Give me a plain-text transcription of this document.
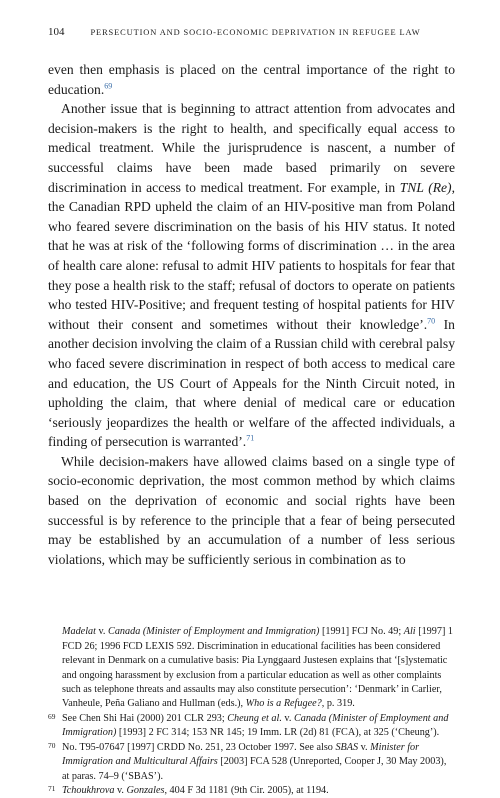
104	PERSECUTION AND SOCIO-ECONOMIC DEPRIVATION IN REFUGEE LAW

even then emphasis is placed on the central importance of the right to education.$^{69}$

Another issue that is beginning to attract attention from advocates and decision-makers is the right to health, and specifically equal access to medical treatment. While the jurisprudence is nascent, a number of successful claims have been made based primarily on severe discrimination in access to medical treatment. For example, in TNL (Re), the Canadian RPD upheld the claim of an HIV-positive man from Poland who feared severe discrimination on the basis of his HIV status. It noted that he was at risk of the ‘following forms of discrimination … in the area of health care alone: refusal to admit HIV patients to hospitals for fear that they pose a health risk to the staff; refusal of doctors to operate on patients who tested HIV-Positive; and frequent testing of hospital patients for HIV without their consent and sometimes without their knowledge’.$^{70}$ In another decision involving the claim of a Russian child with cerebral palsy who faced severe discrimination in respect of both access to medical care and education, the US Court of Appeals for the Ninth Circuit noted, in upholding the claim, that where denial of medical care or education ‘seriously jeopardizes the health or welfare of the affected individuals, a finding of persecution is warranted’.$^{71}$

While decision-makers have allowed claims based on a single type of socio-economic deprivation, the most common method by which claims based on the deprivation of economic and social rights have been successful is by reference to the principle that a fear of being persecuted may be established by an accumulation of a number of less serious violations, which may be sufficiently serious in combination as to

Madelat v. Canada (Minister of Employment and Immigration) [1991] FCJ No. 49; Ali [1997] 1 FCD 26; 1996 FCD LEXIS 592. Discrimination in educational facilities has been considered relevant in Denmark on a cumulative basis: Pia Lynggaard Justesen explains that ‘[s]ystematic and ongoing harassment by exclusion from a particular education as well as other complaints such as telephone threats and assaults may also constitute persecution’: ‘Denmark’ in Carlier, Vanheule, Peña Galiano and Hullman (eds.), Who is a Refugee?, p. 319.

69 See Chen Shi Hai (2000) 201 CLR 293; Cheung et al. v. Canada (Minister of Employment and Immigration) [1993] 2 FC 314; 153 NR 145; 19 Imm. LR (2d) 81 (FCA), at 325 (‘Cheung’).
70 No. T95-07647 [1997] CRDD No. 251, 23 October 1997. See also SBAS v. Minister for Immigration and Multicultural Affairs [2003] FCA 528 (Unreported, Cooper J, 30 May 2003), at paras. 74–9 (‘SBAS’).
71 Tchoukhrova v. Gonzales, 404 F 3d 1181 (9th Cir. 2005), at 1194.
